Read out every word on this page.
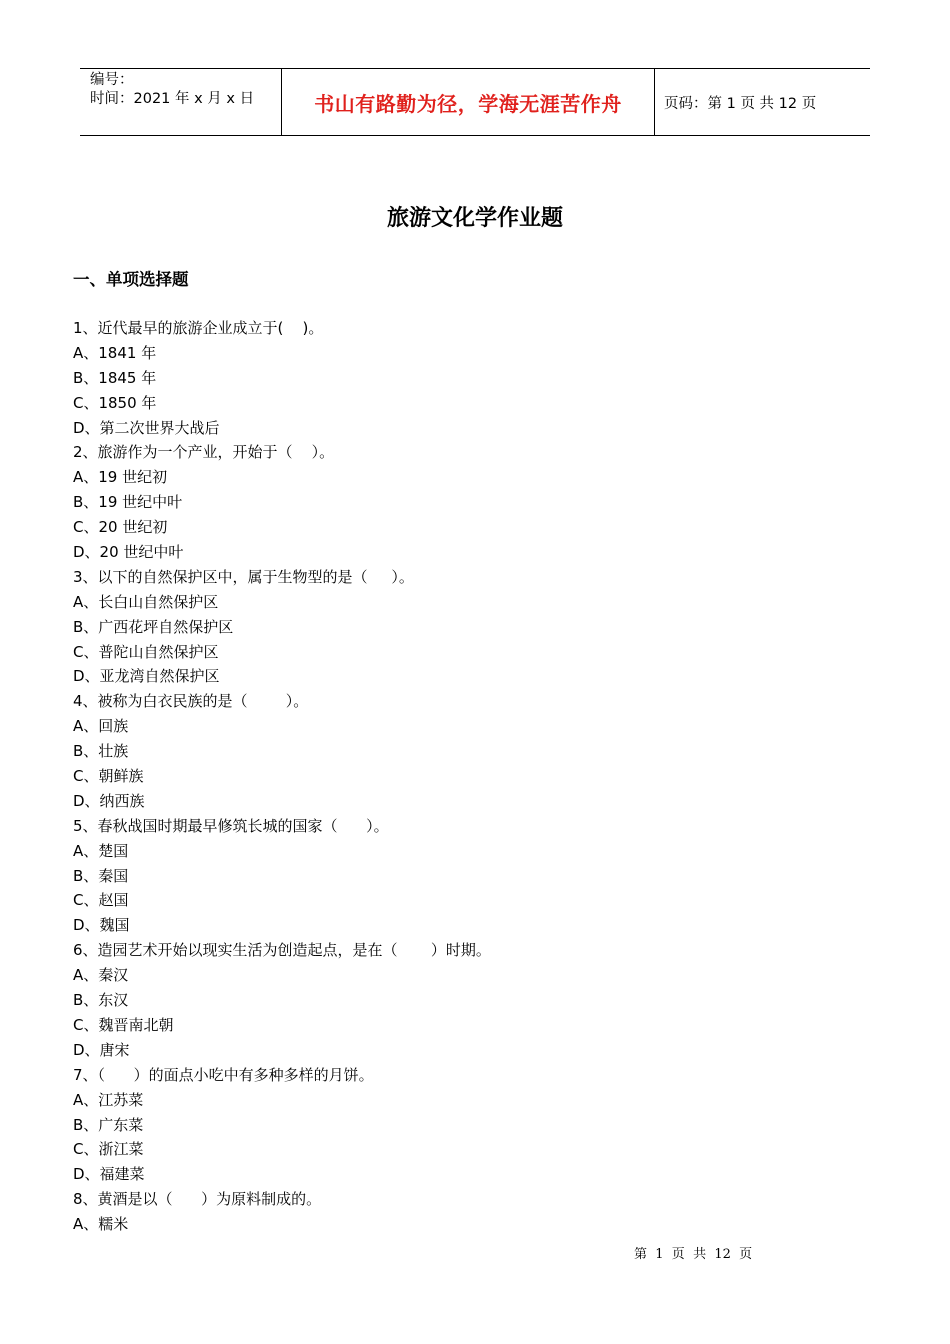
编号：
时间：2021 年 x 月 x 日	书山有路勤为径，学海无涯苦作舟	页码：第 1 页 共 12 页
旅游文化学作业题
一、单项选择题
1、近代最早的旅游企业成立于(    )。
A、1841 年
B、1845 年
C、1850 年
D、第二次世界大战后
2、旅游作为一个产业，开始于（    ）。
A、19 世纪初
B、19 世纪中叶
C、20 世纪初
D、20 世纪中叶
3、以下的自然保护区中，属于生物型的是（     ）。
A、长白山自然保护区
B、广西花坪自然保护区
C、普陀山自然保护区
D、亚龙湾自然保护区
4、被称为白衣民族的是（        ）。
A、回族
B、壮族
C、朝鲜族
D、纳西族
5、春秋战国时期最早修筑长城的国家（      ）。
A、楚国
B、秦国
C、赵国
D、魏国
6、造园艺术开始以现实生活为创造起点，是在（       ）时期。
A、秦汉
B、东汉
C、魏晋南北朝
D、唐宋
7、（      ）的面点小吃中有多种多样的月饼。
A、江苏菜
B、广东菜
C、浙江菜
D、福建菜
8、黄酒是以（      ）为原料制成的。
A、糯米
第  1  页  共  12  页
